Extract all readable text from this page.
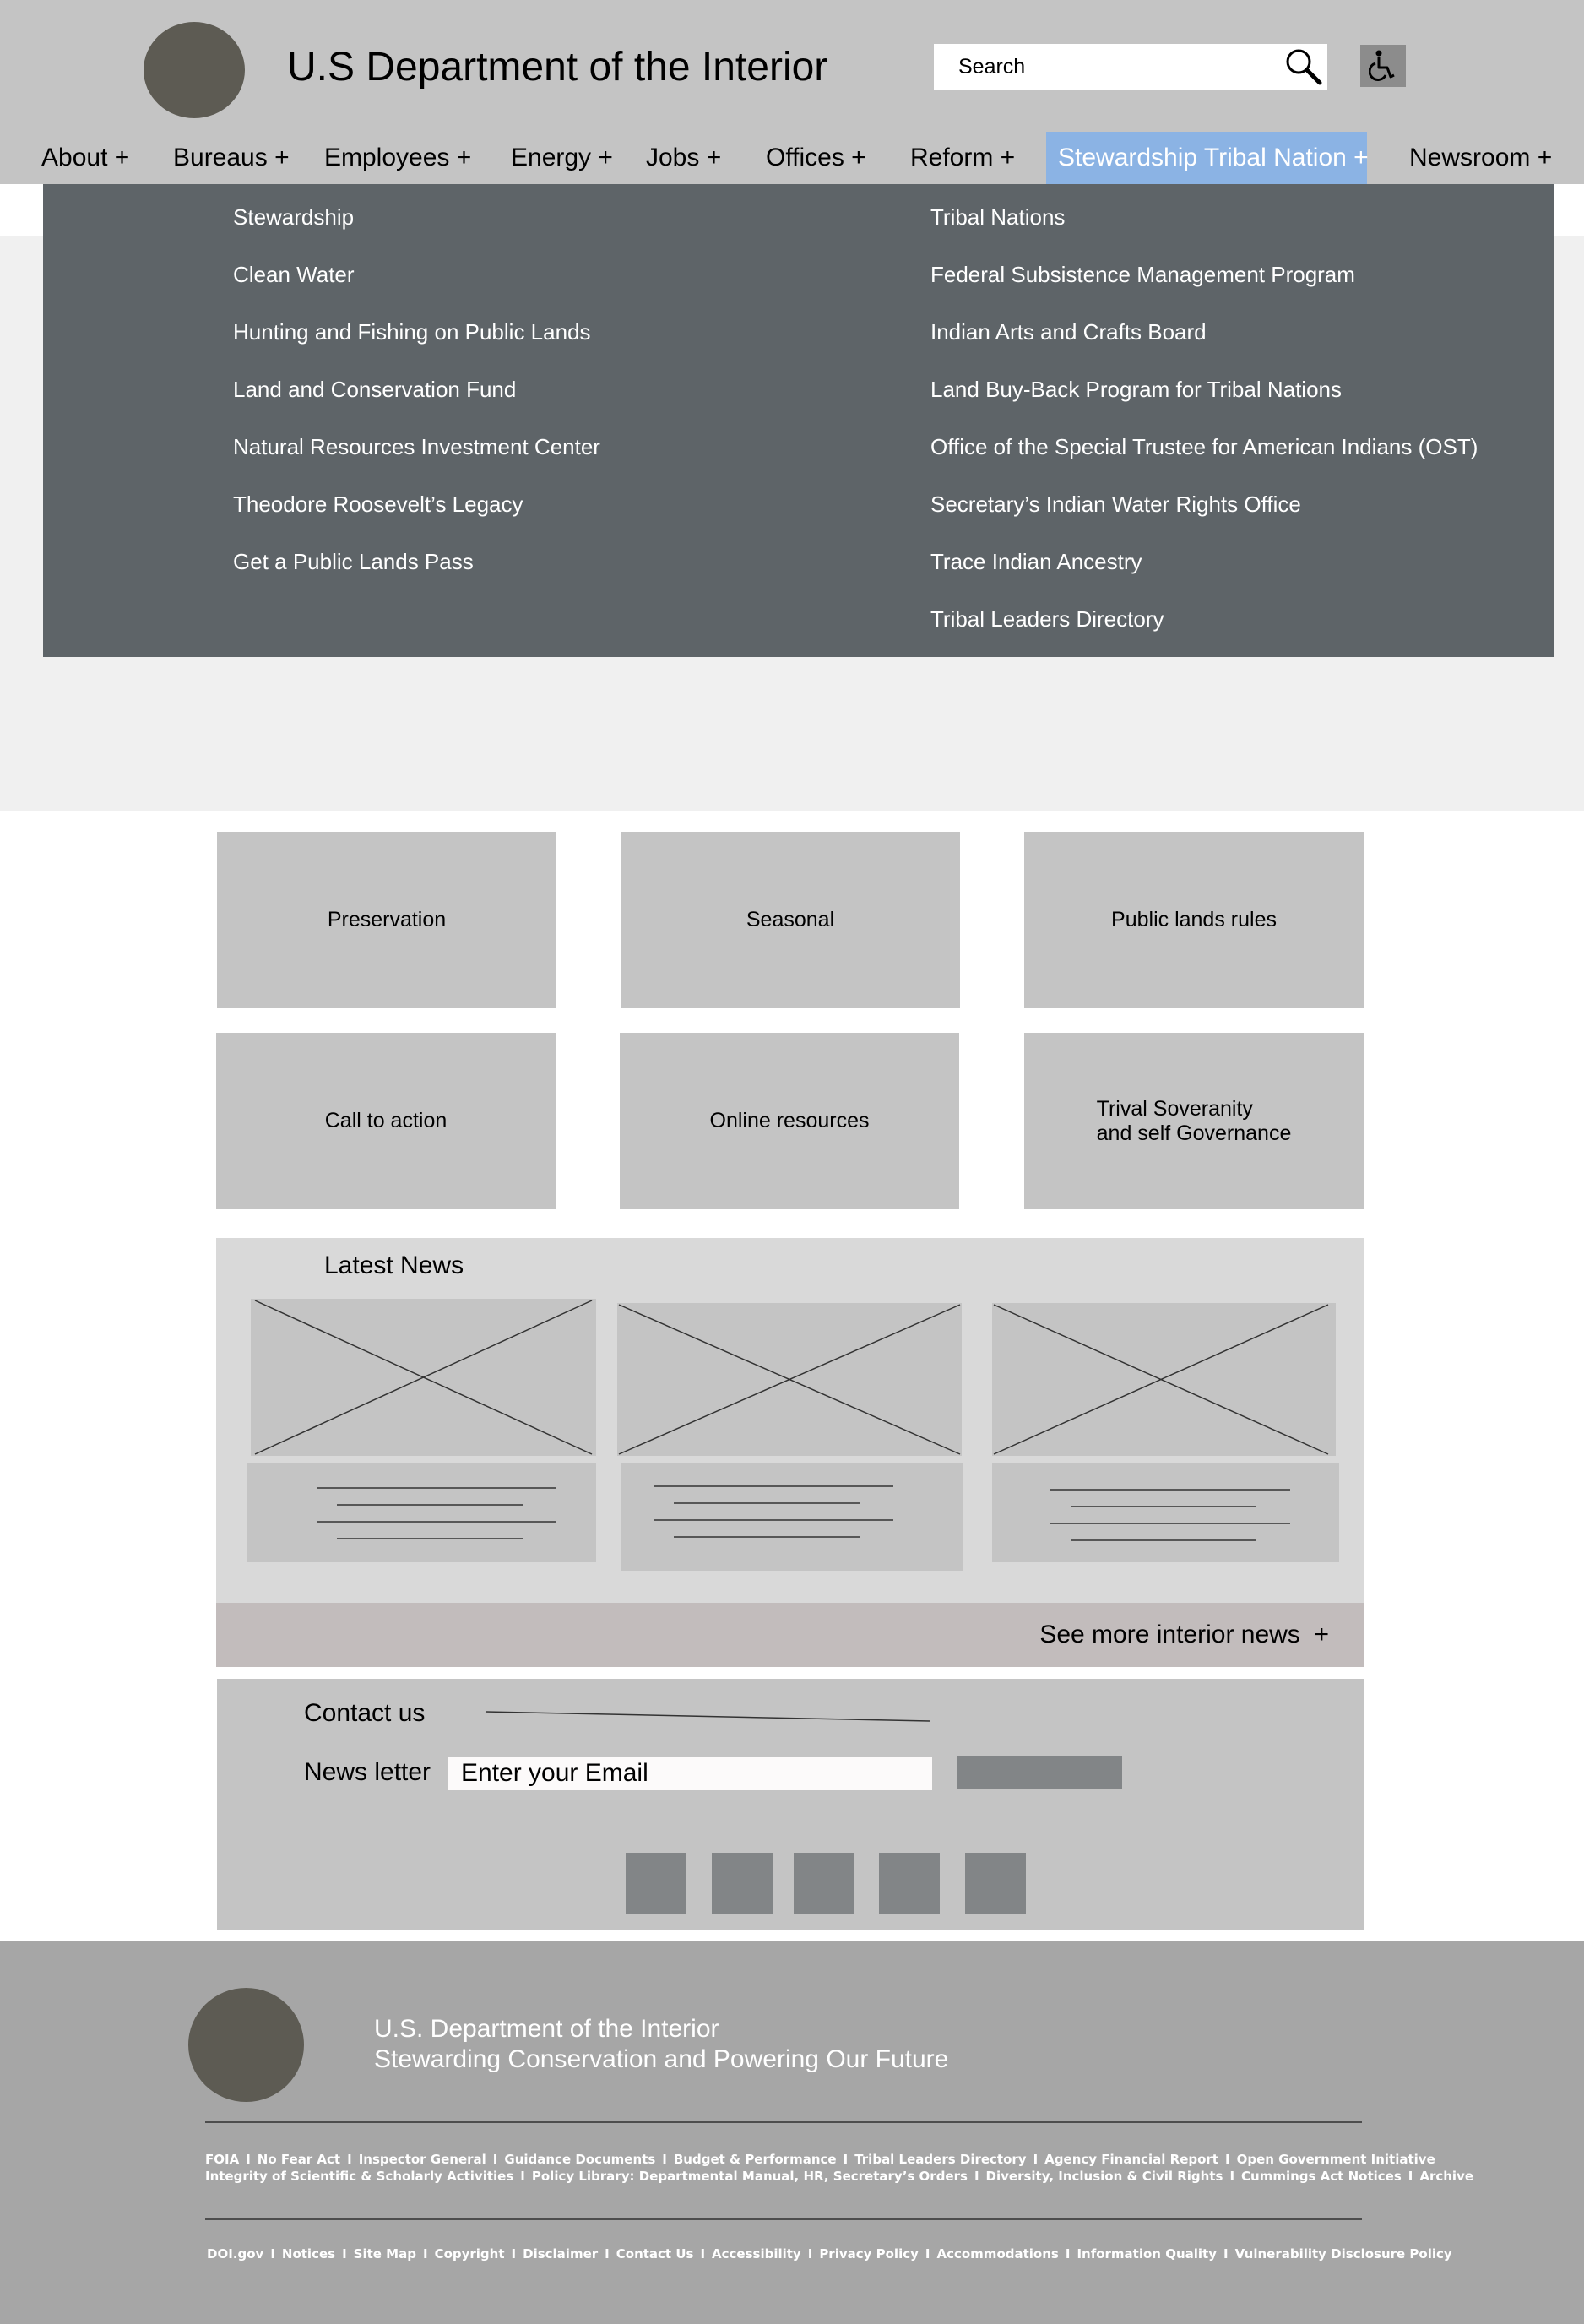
U.S Department of the Interior
Search
About + Bureaus + Employees + Energy + Jobs + Offices + Reform + Stewardship Tribal Nation + Newsroom +
Stewardship
Clean Water
Hunting and Fishing on Public Lands
Land and Conservation Fund
Natural Resources Investment Center
Theodore Roosevelt’s Legacy
Get a Public Lands Pass
Tribal Nations
Federal Subsistence Management Program
Indian Arts and Crafts Board
Land Buy-Back Program for Tribal Nations
Office of the Special Trustee for American Indians (OST)
Secretary’s Indian Water Rights Office
Trace Indian Ancestry
Tribal Leaders Directory
Preservation	Seasonal	Public lands rules
Call to action	Online resources
Trival Soveranity
and self Governance
Latest News
See more interior news  +
Contact us
News letter
Enter your Email
U.S. Department of the Interior
Stewarding Conservation and Powering Our Future
FOIA I No Fear Act I Inspector General I Guidance Documents I Budget & Performance I Tribal Leaders Directory I Agency Financial Report I Open Government Initiative
Integrity of Scientific & Scholarly Activities I Policy Library: Departmental Manual, HR, Secretary’s Orders I Diversity, Inclusion & Civil Rights I Cummings Act Notices I Archive
DOI.gov I Notices I Site Map I Copyright I Disclaimer I Contact Us I Accessibility I Privacy Policy I Accommodations I Information Quality I Vulnerability Disclosure Policy
